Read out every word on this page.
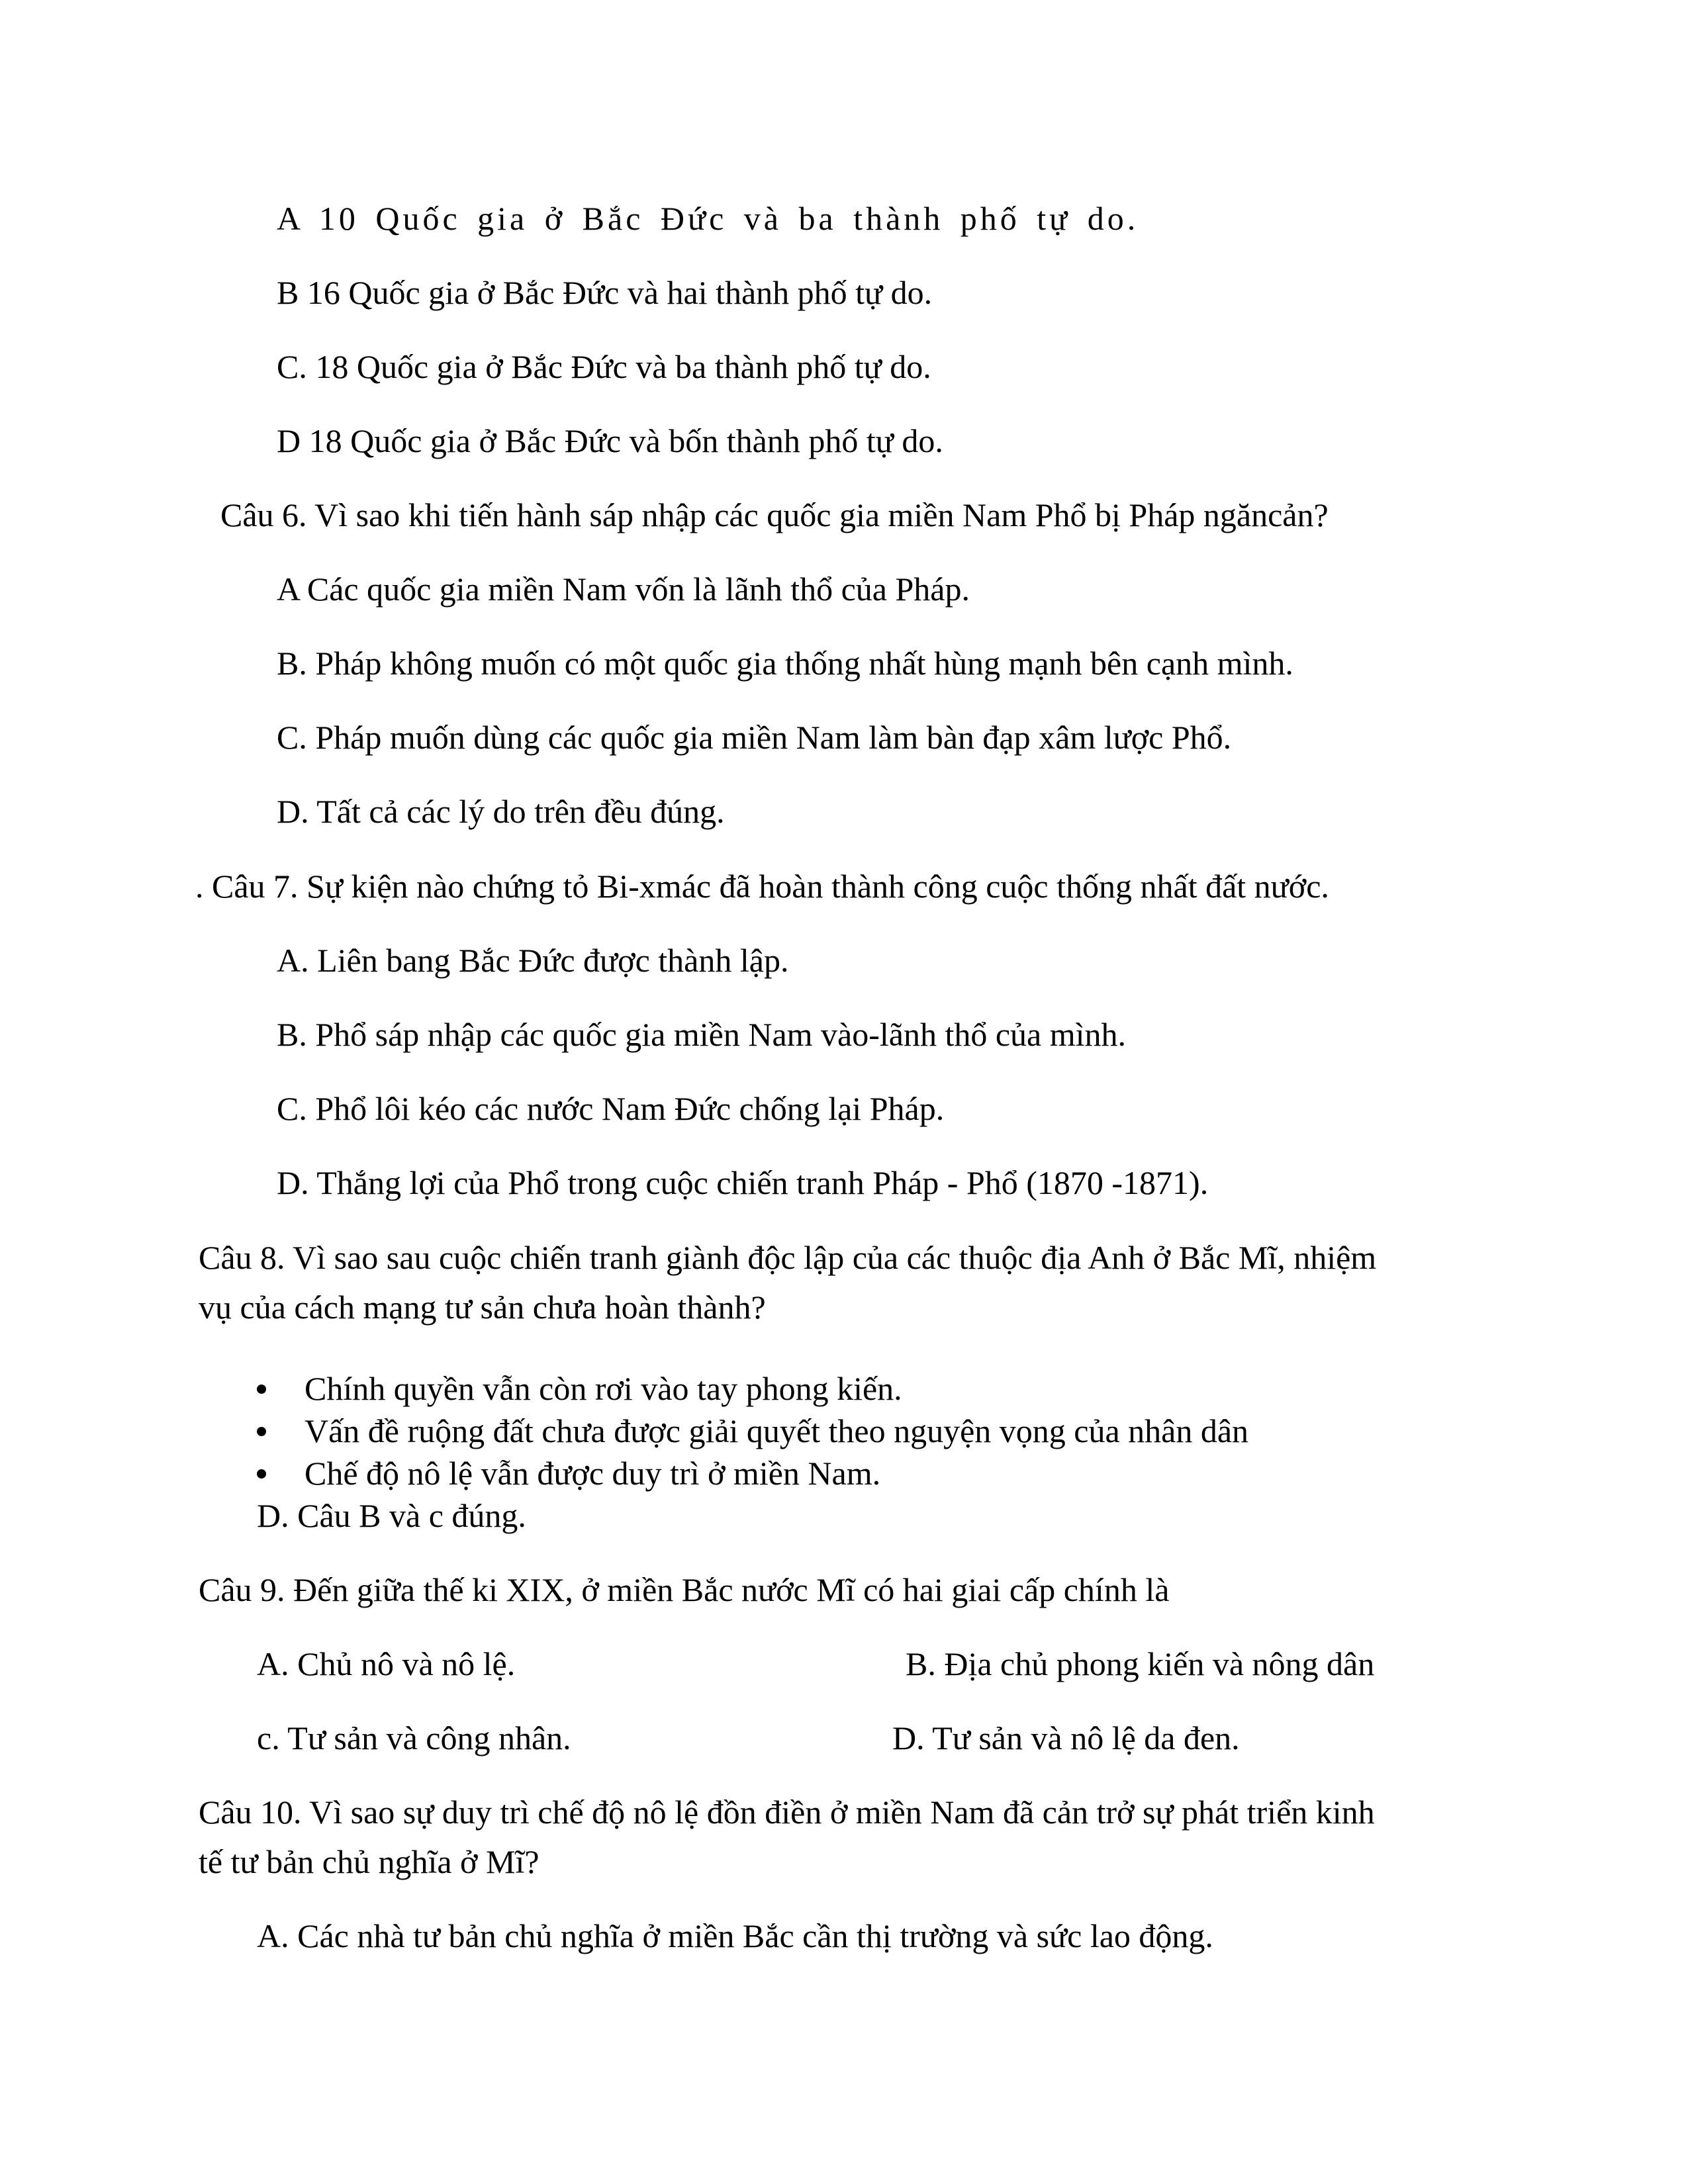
A 10 Quốc gia ở Bắc Đức và ba thành phố tự do.
B 16 Quốc gia ở Bắc Đức và hai thành phố tự do.
C. 18 Quốc gia ở Bắc Đức và ba thành phố tự do.
D 18 Quốc gia ở Bắc Đức và bốn thành phố tự do.
Câu 6. Vì sao khi tiến hành sáp nhập các quốc gia miền Nam Phổ bị Pháp ngăncản?
A Các quốc gia miền Nam vốn là lãnh thổ của Pháp.
B. Pháp không muốn có một quốc gia thống nhất hùng mạnh bên cạnh mình.
C. Pháp muốn dùng các quốc gia miền Nam làm bàn đạp xâm lược Phổ.
D. Tất cả các lý do trên đều đúng.
. Câu 7. Sự kiện nào chứng tỏ Bi-xmác đã hoàn thành công cuộc thống nhất đất nước.
A. Liên bang Bắc Đức được thành lập.
B. Phổ sáp nhập các quốc gia miền Nam vào-lãnh thổ của mình.
C. Phổ lôi kéo các nước Nam Đức chống lại Pháp.
D. Thắng lợi của Phổ trong cuộc chiến tranh Pháp - Phổ (1870 -1871).
Câu 8. Vì sao sau cuộc chiến tranh giành độc lập của các thuộc địa Anh ở Bắc Mĩ, nhiệm
vụ của cách mạng tư sản chưa hoàn thành?
Chính quyền vẫn còn rơi vào tay phong kiến.
Vấn đề ruộng đất chưa được giải quyết theo nguyện vọng của nhân dân
Chế độ nô lệ vẫn được duy trì ở miền Nam.
D. Câu B và c đúng.
Câu 9. Đến giữa thế ki XIX, ở miền Bắc nước Mĩ có hai giai cấp chính là
A. Chủ nô và nô lệ.	B. Địa chủ phong kiến và nông dân
c. Tư sản và công nhân.	D. Tư sản và nô lệ da đen.
Câu 10. Vì sao sự duy trì chế độ nô lệ đồn điền ở miền Nam đã cản trở sự phát triển kinh
tế tư bản chủ nghĩa ở Mĩ?
A. Các nhà tư bản chủ nghĩa ở miền Bắc cần thị trường và sức lao động.
